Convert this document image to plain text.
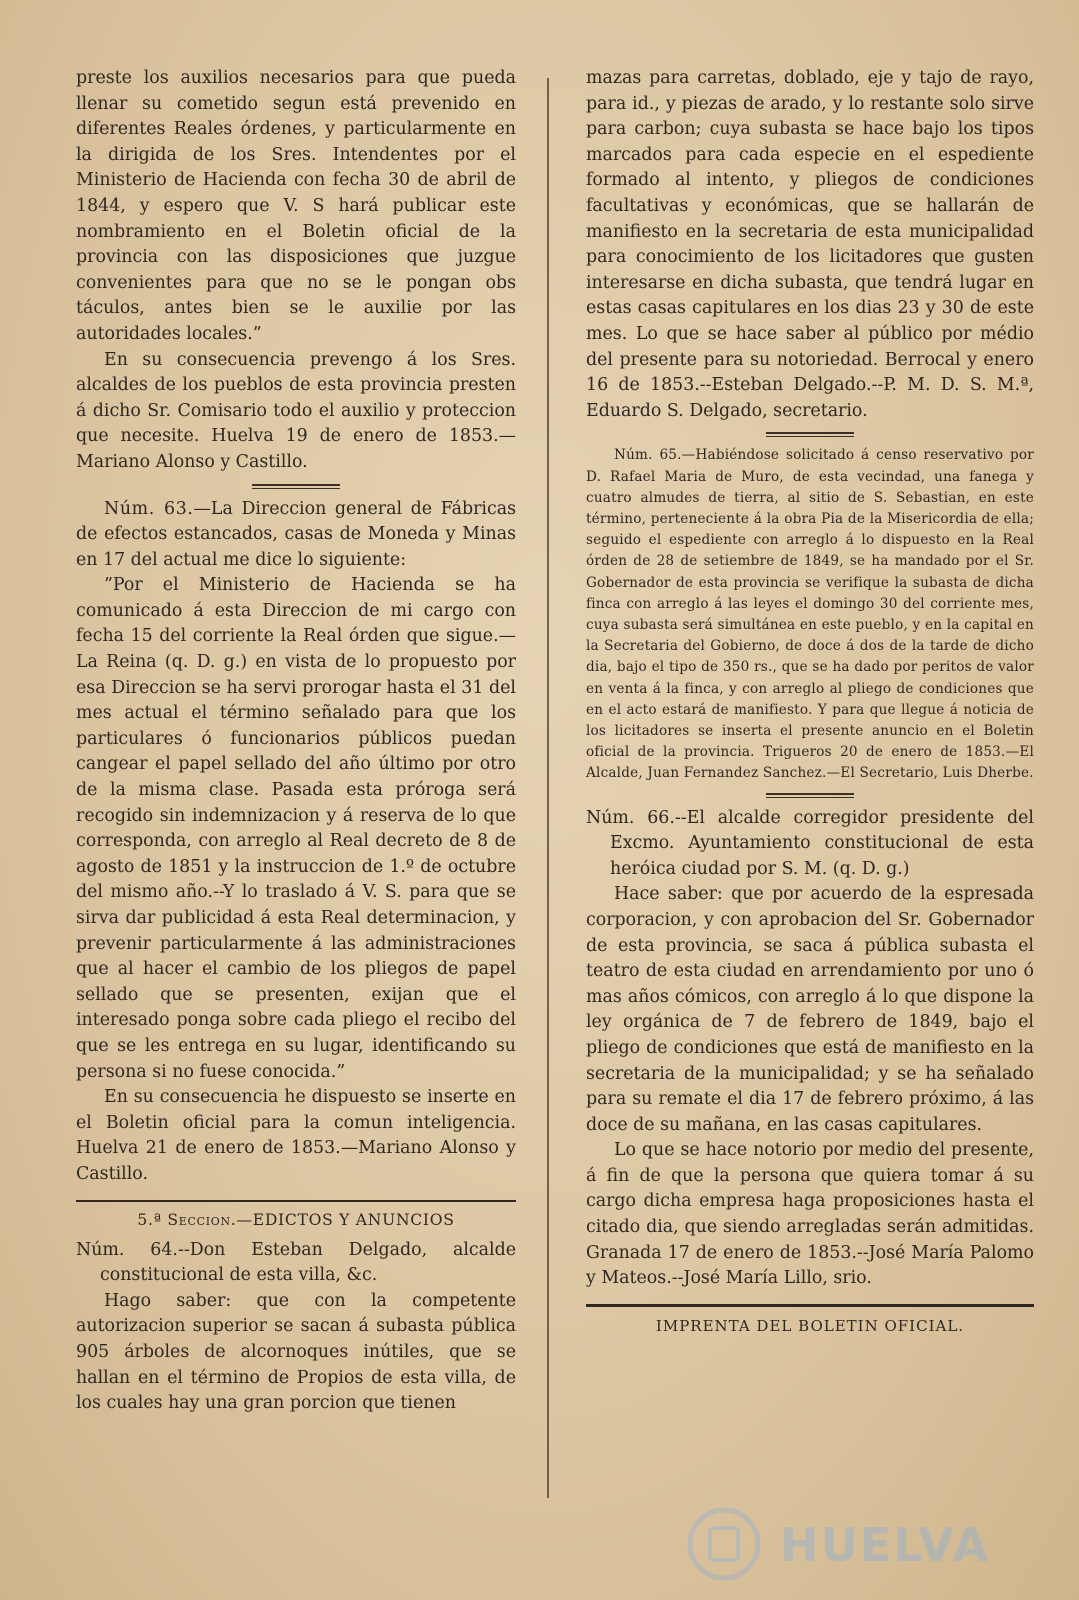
preste los auxilios necesarios para que pueda llenar su cometido segun está prevenido en diferentes Reales órdenes, y particularmente en la dirigida de los Sres. Intendentes por el Ministerio de Hacienda con fecha 30 de abril de 1844, y espero que V. S hará publicar este nombramiento en el Boletin oficial de la provincia con las disposiciones que juzgue convenientes para que no se le pongan obs táculos, antes bien se le auxilie por las autoridades locales.”

En su consecuencia prevengo á los Sres. alcaldes de los pueblos de esta provincia presten á dicho Sr. Comisario todo el auxilio y proteccion que necesite. Huelva 19 de enero de 1853.—Mariano Alonso y Castillo.

Núm. 63.—La Direccion general de Fábricas de efectos estancados, casas de Moneda y Minas en 17 del actual me dice lo siguiente:

”Por el Ministerio de Hacienda se ha comunicado á esta Direccion de mi cargo con fecha 15 del corriente la Real órden que sigue.—La Reina (q. D. g.) en vista de lo propuesto por esa Direccion se ha servi prorogar hasta el 31 del mes actual el término señalado para que los particulares ó funcionarios públicos puedan cangear el papel sellado del año último por otro de la misma clase. Pasada esta próroga será recogido sin indemnizacion y á reserva de lo que corresponda, con arreglo al Real decreto de 8 de agosto de 1851 y la instruccion de 1.º de octubre del mismo año.--Y lo traslado á V. S. para que se sirva dar publicidad á esta Real determinacion, y prevenir particularmente á las administraciones que al hacer el cambio de los pliegos de papel sellado que se presenten, exijan que el interesado ponga sobre cada pliego el recibo del que se les entrega en su lugar, identificando su persona si no fuese conocida.”

En su consecuencia he dispuesto se inserte en el Boletin oficial para la comun inteligencia. Huelva 21 de enero de 1853.—Mariano Alonso y Castillo.

5.ª Seccion.—EDICTOS Y ANUNCIOS

Núm. 64.--Don Esteban Delgado, alcalde constitucional de esta villa, &c.

Hago saber: que con la competente autorizacion superior se sacan á subasta pública 905 árboles de alcornoques inútiles, que se hallan en el término de Propios de esta villa, de los cuales hay una gran porcion que tienen

mazas para carretas, doblado, eje y tajo de rayo, para id., y piezas de arado, y lo restante solo sirve para carbon; cuya subasta se hace bajo los tipos marcados para cada especie en el espediente formado al intento, y pliegos de condiciones facultativas y económicas, que se hallarán de manifiesto en la secretaria de esta municipalidad para conocimiento de los licitadores que gusten interesarse en dicha subasta, que tendrá lugar en estas casas capitulares en los dias 23 y 30 de este mes. Lo que se hace saber al público por médio del presente para su notoriedad. Berrocal y enero 16 de 1853.--Esteban Delgado.--P. M. D. S. M.ª, Eduardo S. Delgado, secretario.

Núm. 65.—Habiéndose solicitado á censo reservativo por D. Rafael Maria de Muro, de esta vecindad, una fanega y cuatro almudes de tierra, al sitio de S. Sebastian, en este término, perteneciente á la obra Pia de la Misericordia de ella; seguido el espediente con arreglo á lo dispuesto en la Real órden de 28 de setiembre de 1849, se ha mandado por el Sr. Gobernador de esta provincia se verifique la subasta de dicha finca con arreglo á las leyes el domingo 30 del corriente mes, cuya subasta será simultánea en este pueblo, y en la capital en la Secretaria del Gobierno, de doce á dos de la tarde de dicho dia, bajo el tipo de 350 rs., que se ha dado por peritos de valor en venta á la finca, y con arreglo al pliego de condiciones que en el acto estará de manifiesto. Y para que llegue á noticia de los licitadores se inserta el presente anuncio en el Boletin oficial de la provincia. Trigueros 20 de enero de 1853.—El Alcalde, Juan Fernandez Sanchez.—El Secretario, Luis Dherbe.

Núm. 66.--El alcalde corregidor presidente del Excmo. Ayuntamiento constitucional de esta heróica ciudad por S. M. (q. D. g.)

Hace saber: que por acuerdo de la espresada corporacion, y con aprobacion del Sr. Gobernador de esta provincia, se saca á pública subasta el teatro de esta ciudad en arrendamiento por uno ó mas años cómicos, con arreglo á lo que dispone la ley orgánica de 7 de febrero de 1849, bajo el pliego de condiciones que está de manifiesto en la secretaria de la municipalidad; y se ha señalado para su remate el dia 17 de febrero próximo, á las doce de su mañana, en las casas capitulares.

Lo que se hace notorio por medio del presente, á fin de que la persona que quiera tomar á su cargo dicha empresa haga proposiciones hasta el citado dia, que siendo arregladas serán admitidas. Granada 17 de enero de 1853.--José María Palomo y Mateos.--José María Lillo, srio.

IMPRENTA DEL BOLETIN OFICIAL.
HUELVA
